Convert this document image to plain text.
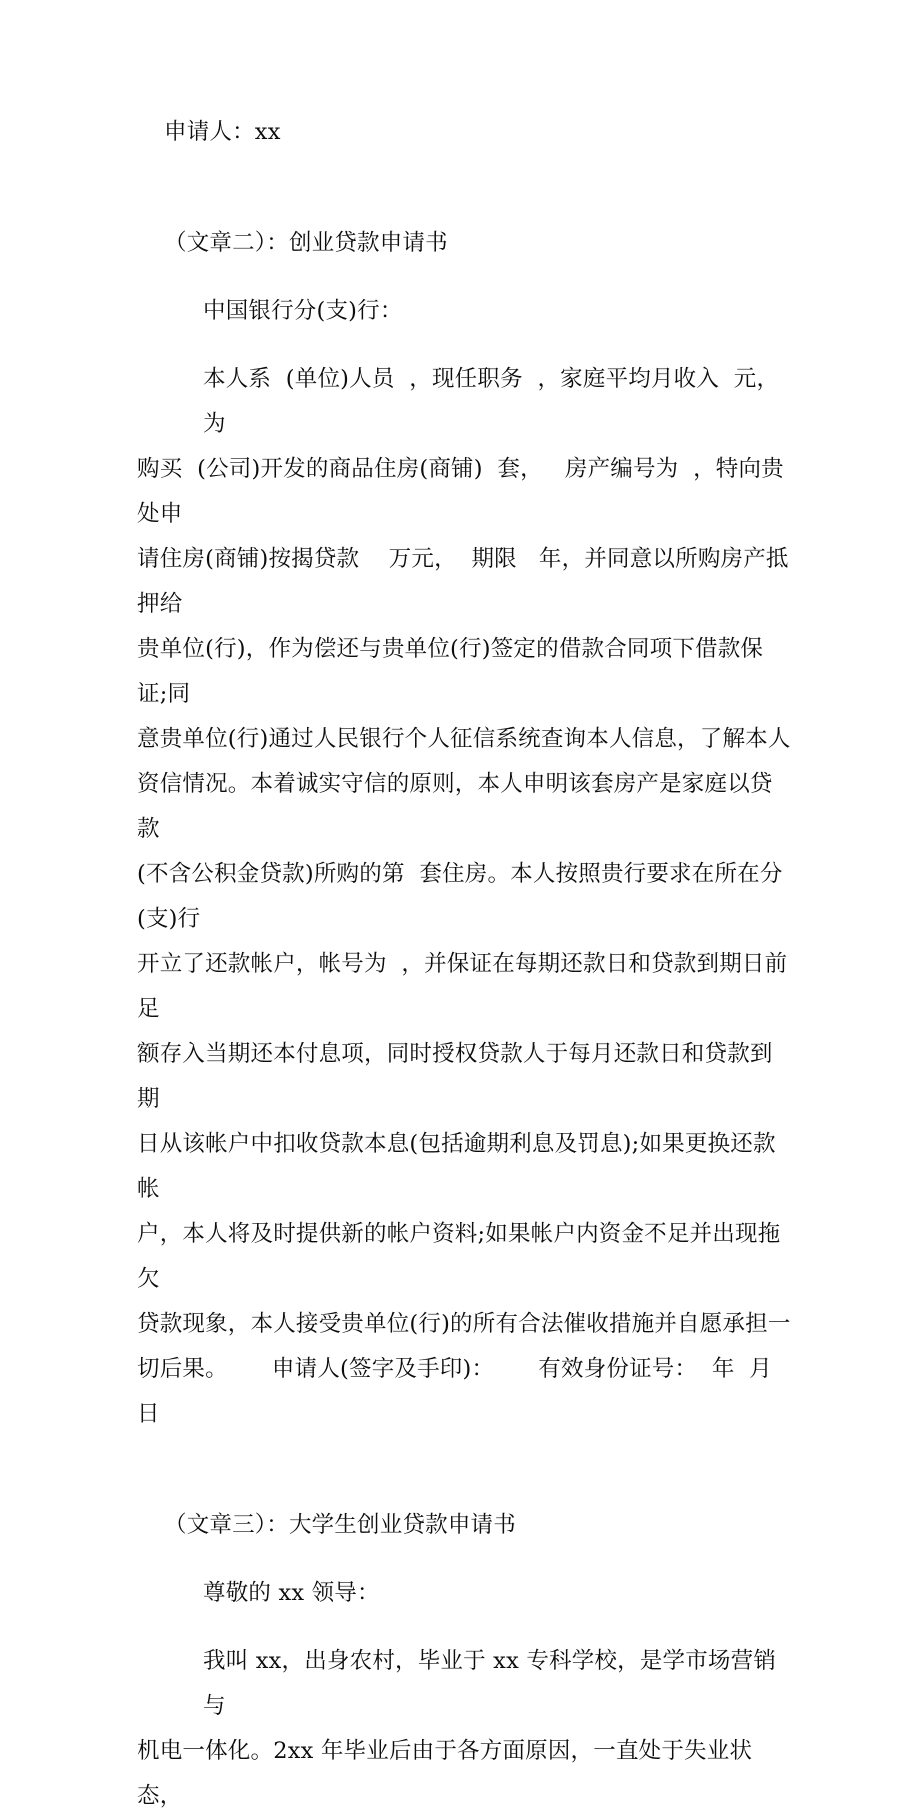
申请人：xx
（文章二）：创业贷款申请书
中国银行分(支)行：
本人系  (单位)人员  ，现任职务  ，家庭平均月收入  元，为
购买  (公司)开发的商品住房(商铺)  套，   房产编号为  ，特向贵处申
请住房(商铺)按揭贷款    万元，  期限   年，并同意以所购房产抵押给
贵单位(行)，作为偿还与贵单位(行)签定的借款合同项下借款保证;同
意贵单位(行)通过人民银行个人征信系统查询本人信息，了解本人
资信情况。本着诚实守信的原则，本人申明该套房产是家庭以贷款
(不含公积金贷款)所购的第  套住房。本人按照贵行要求在所在分(支)行
开立了还款帐户，帐号为  ，并保证在每期还款日和贷款到期日前足
额存入当期还本付息项，同时授权贷款人于每月还款日和贷款到期
日从该帐户中扣收贷款本息(包括逾期利息及罚息);如果更换还款帐
户，本人将及时提供新的帐户资料;如果帐户内资金不足并出现拖欠
贷款现象，本人接受贵单位(行)的所有合法催收措施并自愿承担一
切后果。      申请人(签字及手印)：      有效身份证号：  年  月  日
（文章三）：大学生创业贷款申请书
尊敬的 xx 领导：
我叫 xx，出身农村，毕业于 xx 专科学校，是学市场营销与
机电一体化。2xx 年毕业后由于各方面原因，一直处于失业状态，
